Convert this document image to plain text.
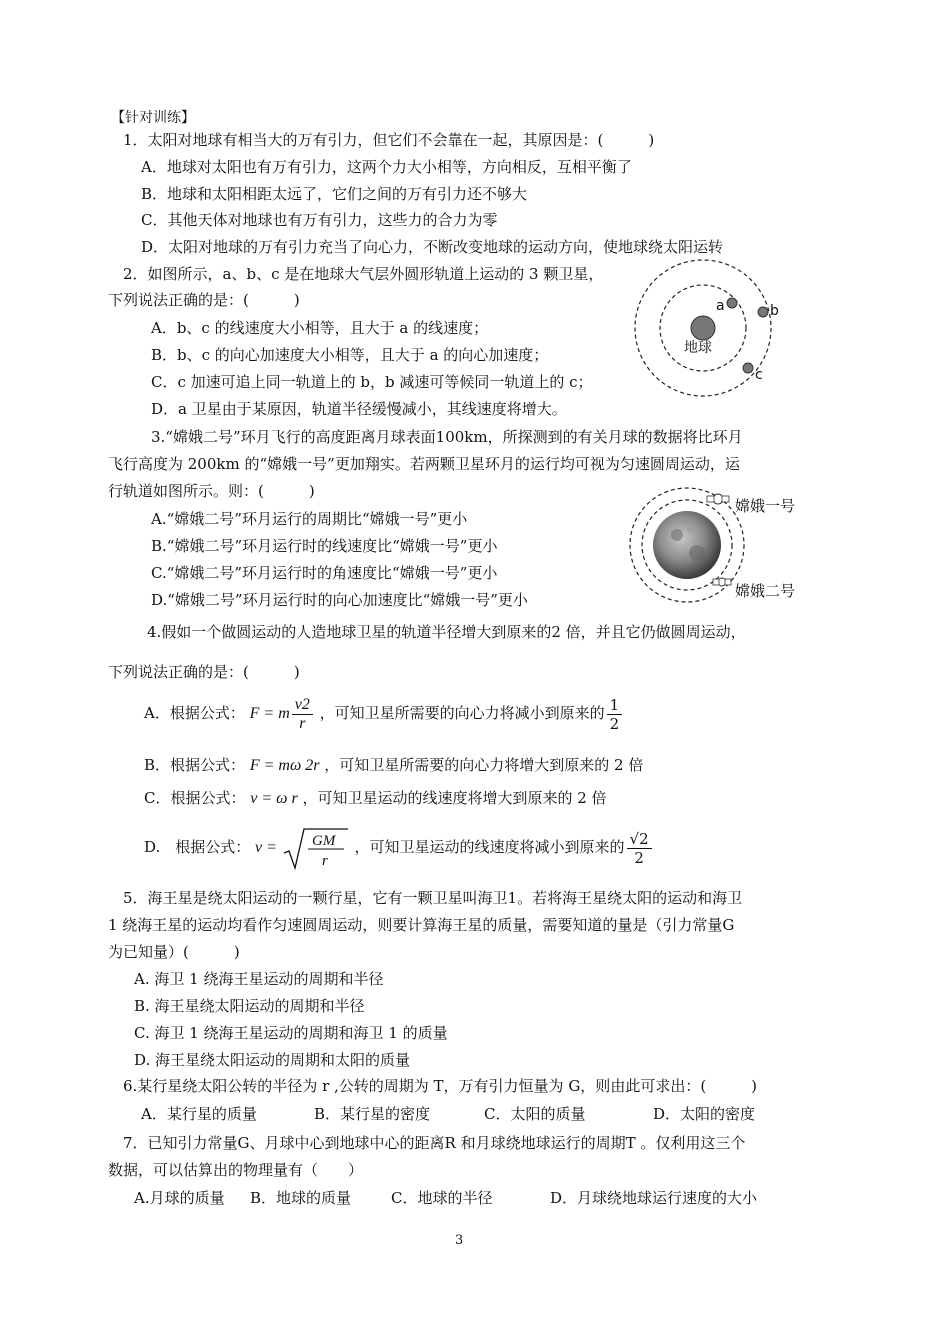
【针对训练】
1．太阳对地球有相当大的万有引力，但它们不会靠在一起，其原因是：(　　　)
A．地球对太阳也有万有引力，这两个力大小相等，方向相反，互相平衡了
B．地球和太阳相距太远了，它们之间的万有引力还不够大
C．其他天体对地球也有万有引力，这些力的合力为零
D．太阳对地球的万有引力充当了向心力，不断改变地球的运动方向，使地球绕太阳运转
2．如图所示，a、b、c 是在地球大气层外圆形轨道上运动的 3 颗卫星，
下列说法正确的是：(　　　)
A．b、c 的线速度大小相等，且大于 a 的线速度；
B．b、c 的向心加速度大小相等，且大于 a 的向心加速度；
C．c 加速可追上同一轨道上的 b，b 减速可等候同一轨道上的 c；
D．a 卫星由于某原因，轨道半径缓慢减小，其线速度将增大。
地球
a	b
c
3.“嫦娥二号”环月飞行的高度距离月球表面100km，所探测到的有关月球的数据将比环月
飞行高度为 200km 的“嫦娥一号”更加翔实。若两颗卫星环月的运行均可视为匀速圆周运动，运
行轨道如图所示。则：(　　　)
A.“嫦娥二号”环月运行的周期比“嫦娥一号”更小
B.“嫦娥二号”环月运行时的线速度比“嫦娥一号”更小
C.“嫦娥二号”环月运行时的角速度比“嫦娥一号”更小
D.“嫦娥二号”环月运行时的向心加速度比“嫦娥一号”更小
嫦娥一号
嫦娥二号
4.假如一个做圆运动的人造地球卫星的轨道半径增大到原来的2 倍，并且它仍做圆周运动，
下列说法正确的是：(　　　)
A．根据公式： F = m $\frac{v2}{r}$ ，可知卫星所需要的向心力将减小到原来的 $\frac{1}{2}$
B．根据公式： F = mω 2r ，可知卫星所需要的向心力将增大到原来的 2 倍
C．根据公式： v = ω r ，可知卫星运动的线速度将增大到原来的 2 倍
D.　根据公式： v = GM
r
，可知卫星运动的线速度将减小到原来的 $\frac{√2}{2}$
5．海王星是绕太阳运动的一颗行星，它有一颗卫星叫海卫1。若将海王星绕太阳的运动和海卫
1 绕海王星的运动均看作匀速圆周运动，则要计算海王星的质量，需要知道的量是（引力常量G
为已知量）(　　　)
A. 海卫 1 绕海王星运动的周期和半径
B. 海王星绕太阳运动的周期和半径
C. 海卫 1 绕海王星运动的周期和海卫 1 的质量
D. 海王星绕太阳运动的周期和太阳的质量
6.某行星绕太阳公转的半径为 r ,公转的周期为 T，万有引力恒量为 G，则由此可求出：(　　　)
A．某行星的质量	B．某行星的密度	C．太阳的质量	D．太阳的密度
7．已知引力常量G、月球中心到地球中心的距离R 和月球绕地球运行的周期T 。仅利用这三个
数据，可以估算出的物理量有（　　）
A.月球的质量 B．地球的质量	C．地球的半径	D．月球绕地球运行速度的大小
3
